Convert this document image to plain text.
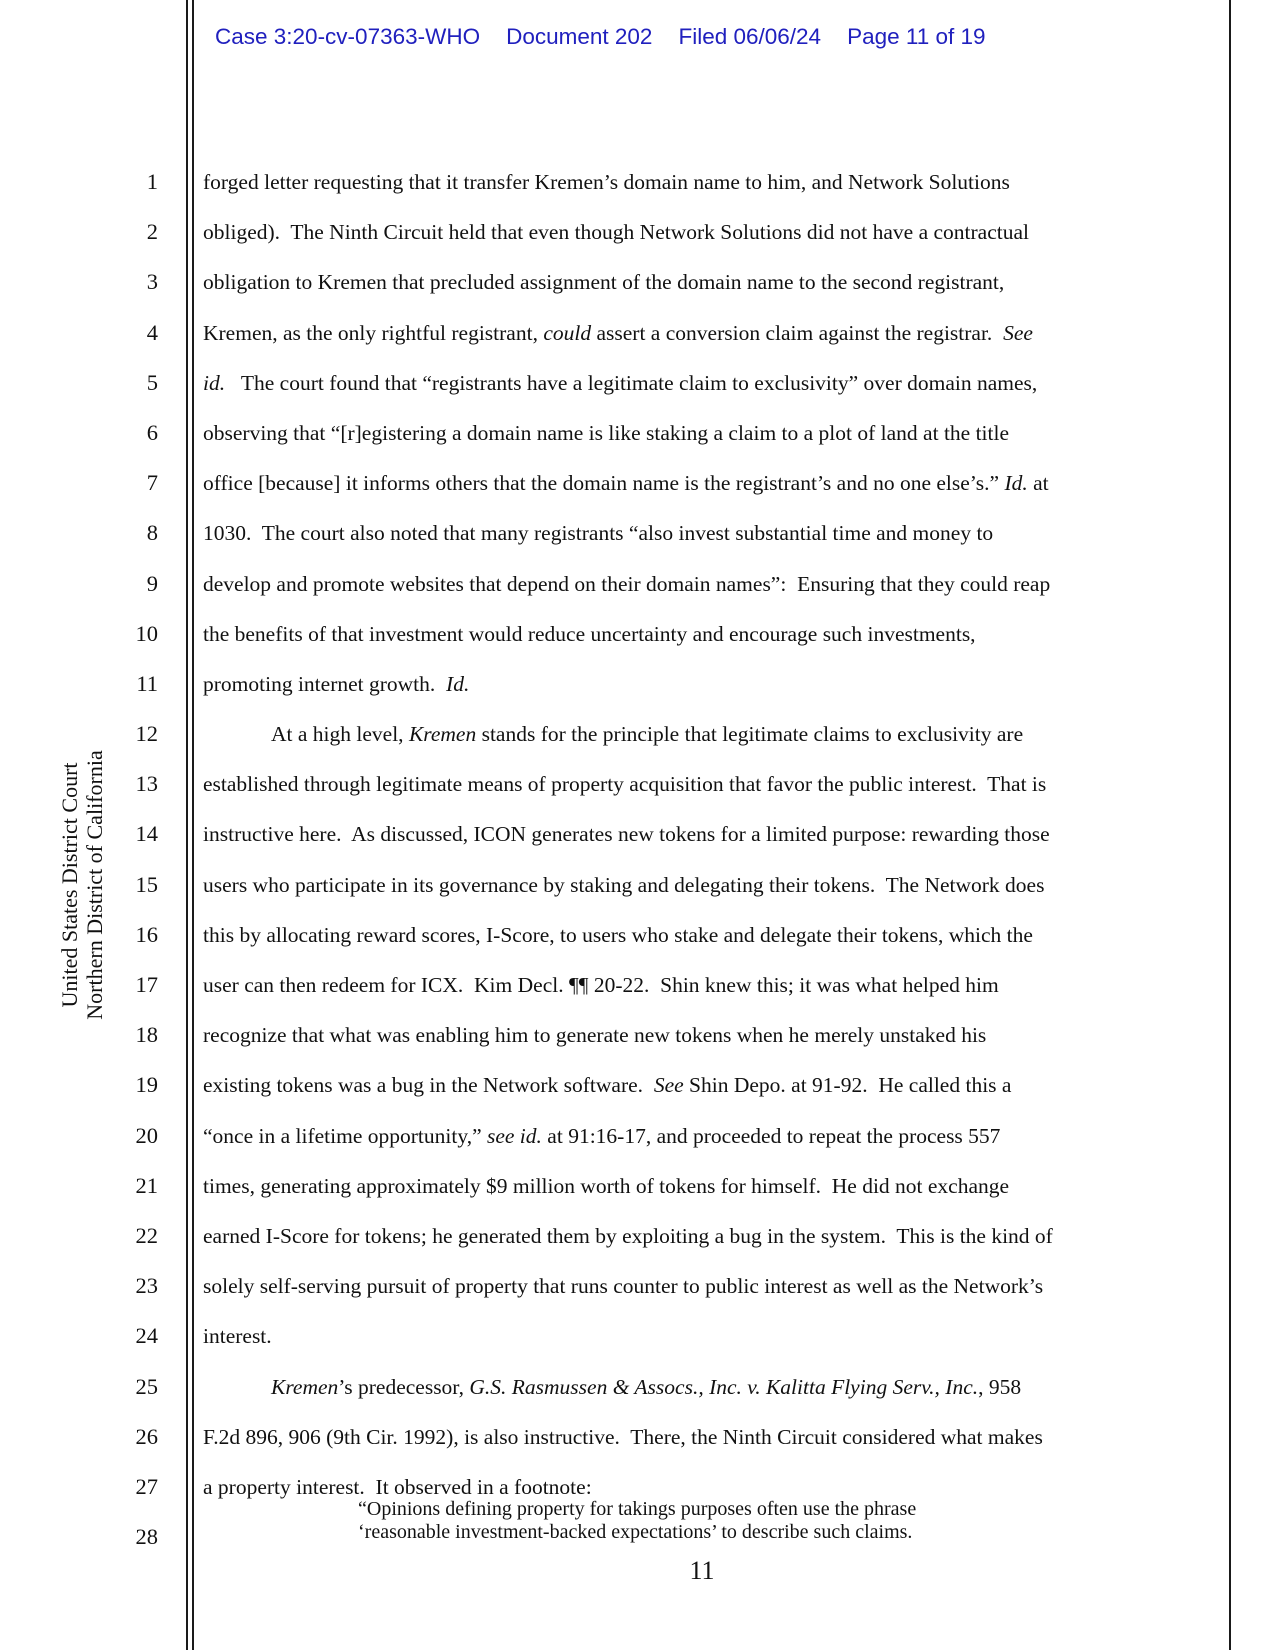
Case 3:20-cv-07363-WHO Document 202 Filed 06/06/24 Page 11 of 19
United States District Court Northern District of California
1
2
3
4
5
6
7
8
9
10
11
12
13
14
15
16
17
18
19
20
21
22
23
24
25
26
27
28
forged letter requesting that it transfer Kremen’s domain name to him, and Network Solutions
obliged).  The Ninth Circuit held that even though Network Solutions did not have a contractual
obligation to Kremen that precluded assignment of the domain name to the second registrant,
Kremen, as the only rightful registrant, could assert a conversion claim against the registrar.  See
id.   The court found that “registrants have a legitimate claim to exclusivity” over domain names,
observing that “[r]egistering a domain name is like staking a claim to a plot of land at the title
office [because] it informs others that the domain name is the registrant’s and no one else’s.” Id. at
1030.  The court also noted that many registrants “also invest substantial time and money to
develop and promote websites that depend on their domain names”:  Ensuring that they could reap
the benefits of that investment would reduce uncertainty and encourage such investments,
promoting internet growth.  Id.
At a high level, Kremen stands for the principle that legitimate claims to exclusivity are
established through legitimate means of property acquisition that favor the public interest.  That is
instructive here.  As discussed, ICON generates new tokens for a limited purpose: rewarding those
users who participate in its governance by staking and delegating their tokens.  The Network does
this by allocating reward scores, I-Score, to users who stake and delegate their tokens, which the
user can then redeem for ICX.  Kim Decl. ¶¶ 20-22.  Shin knew this; it was what helped him
recognize that what was enabling him to generate new tokens when he merely unstaked his
existing tokens was a bug in the Network software.  See Shin Depo. at 91-92.  He called this a
“once in a lifetime opportunity,” see id. at 91:16-17, and proceeded to repeat the process 557
times, generating approximately $9 million worth of tokens for himself.  He did not exchange
earned I-Score for tokens; he generated them by exploiting a bug in the system.  This is the kind of
solely self-serving pursuit of property that runs counter to public interest as well as the Network’s
interest.
Kremen’s predecessor, G.S. Rasmussen & Assocs., Inc. v. Kalitta Flying Serv., Inc., 958
F.2d 896, 906 (9th Cir. 1992), is also instructive.  There, the Ninth Circuit considered what makes
a property interest.  It observed in a footnote:
“Opinions defining property for takings purposes often use the phrase
‘reasonable investment-backed expectations’ to describe such claims.
11
